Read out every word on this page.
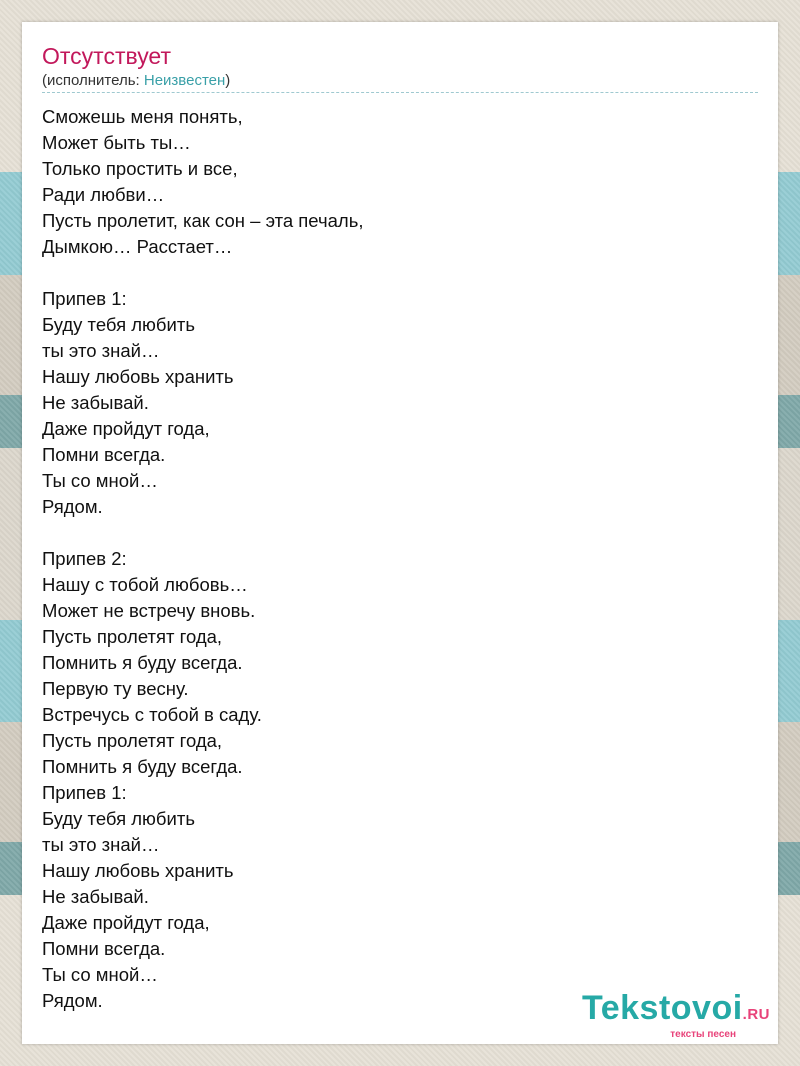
Отсутствует
(исполнитель: Неизвестен)
Сможешь меня понять,
Может быть ты…
Только простить и все,
Ради любви…
Пусть пролетит, как сон – эта печаль,
Дымкою… Расстает…
Припев 1:
Буду тебя любить
ты это знай…
Нашу любовь хранить
Не забывай.
Даже пройдут года,
Помни всегда.
Ты со мной…
Рядом.
Припев 2:
Нашу с тобой любовь…
Может не встречу вновь.
Пусть пролетят года,
Помнить я буду всегда.
Первую ту весну.
Встречусь с тобой в саду.
Пусть пролетят года,
Помнить я буду всегда.
Припев 1:
Буду тебя любить
ты это знай…
Нашу любовь хранить
Не забывай.
Даже пройдут года,
Помни всегда.
Ты со мной…
Рядом.	Tekstovoi.RU
тексты песен
